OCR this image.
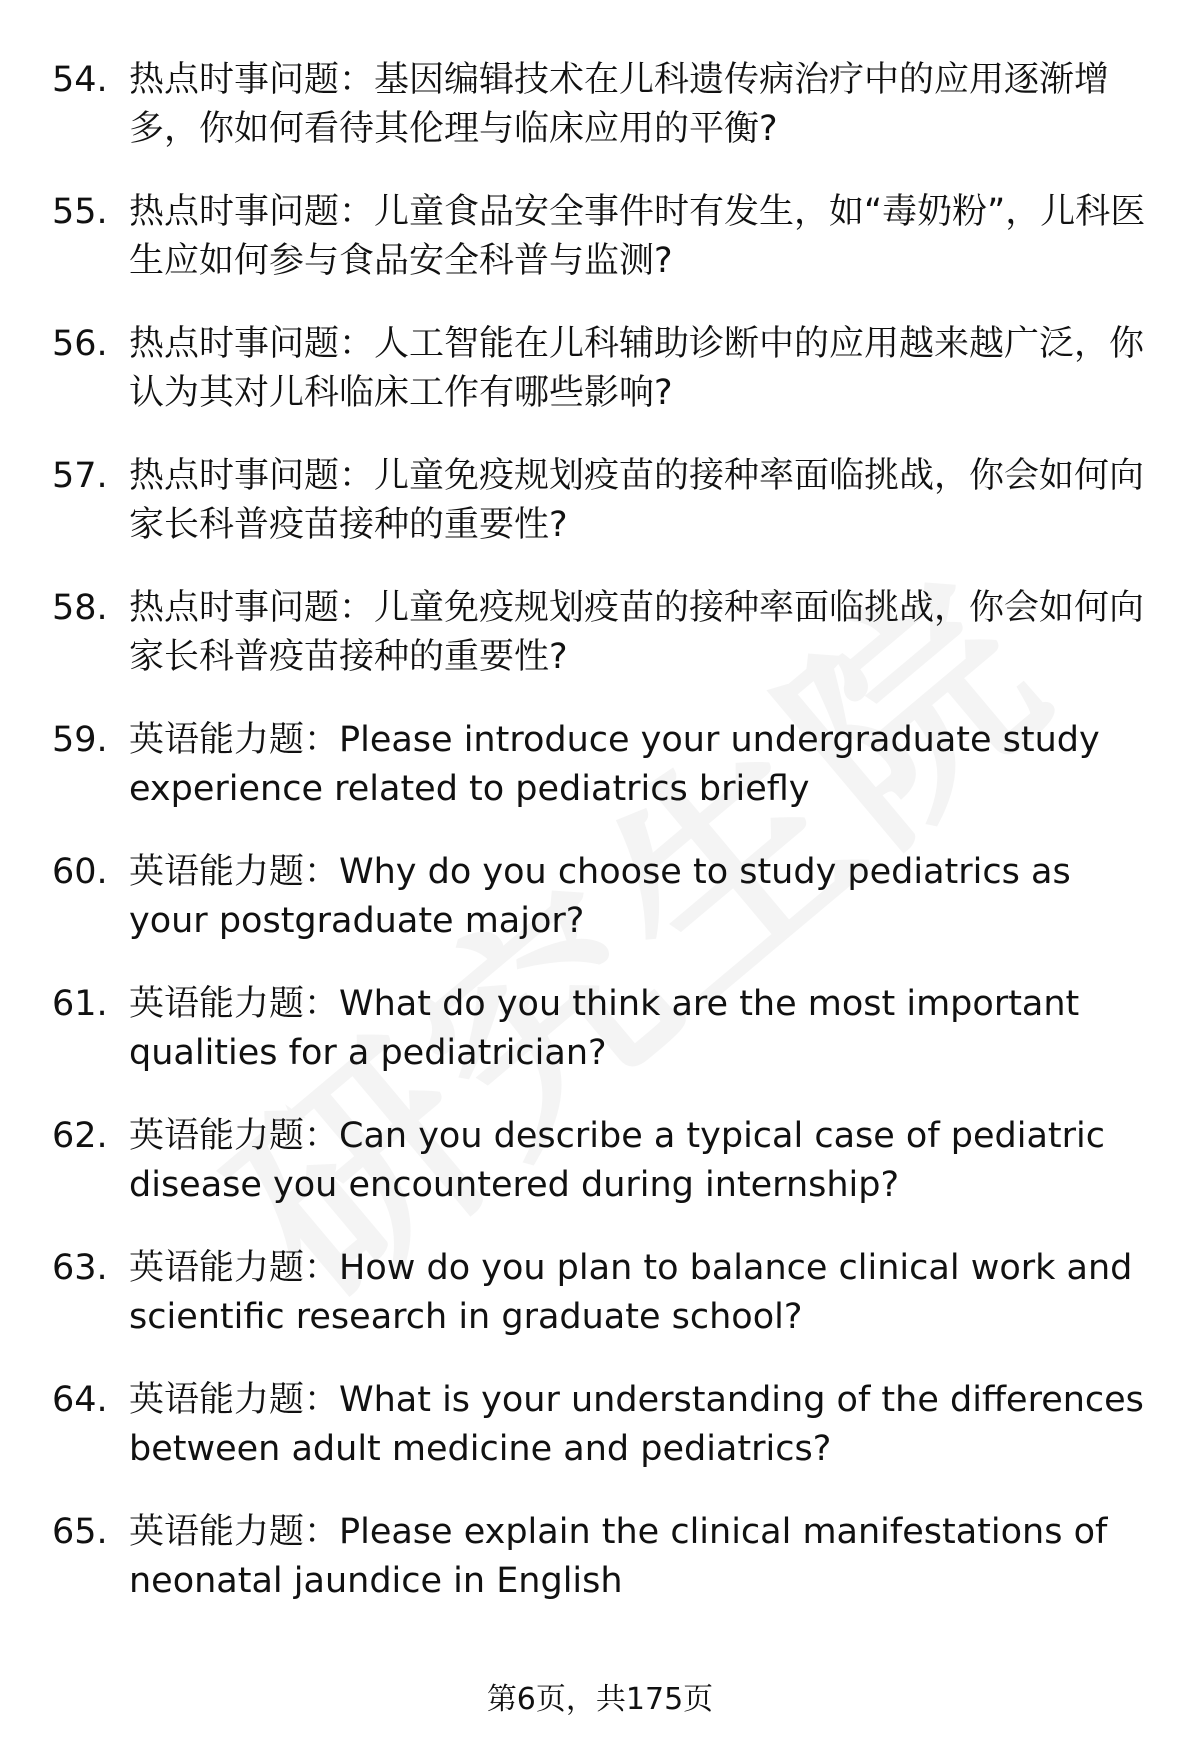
54. 热点时事问题：基因编辑技术在儿科遗传病治疗中的应用逐渐增多，你如何看待其伦理与临床应用的平衡?
55. 热点时事问题：儿童食品安全事件时有发生，如“毒奶粉”，儿科医生应如何参与食品安全科普与监测?
56. 热点时事问题：人工智能在儿科辅助诊断中的应用越来越广泛，你认为其对儿科临床工作有哪些影响?
57. 热点时事问题：儿童免疫规划疫苗的接种率面临挑战，你会如何向家长科普疫苗接种的重要性?
58. 热点时事问题：儿童免疫规划疫苗的接种率面临挑战，你会如何向家长科普疫苗接种的重要性?
59. 英语能力题：Please introduce your undergraduate study experience related to pediatrics briefly
60. 英语能力题：Why do you choose to study pediatrics as your postgraduate major?
61. 英语能力题：What do you think are the most important qualities for a pediatrician?
62. 英语能力题：Can you describe a typical case of pediatric disease you encountered during internship?
63. 英语能力题：How do you plan to balance clinical work and scientific research in graduate school?
64. 英语能力题：What is your understanding of the differences between adult medicine and pediatrics?
65. 英语能力题：Please explain the clinical manifestations of neonatal jaundice in English
第6页，共175页
